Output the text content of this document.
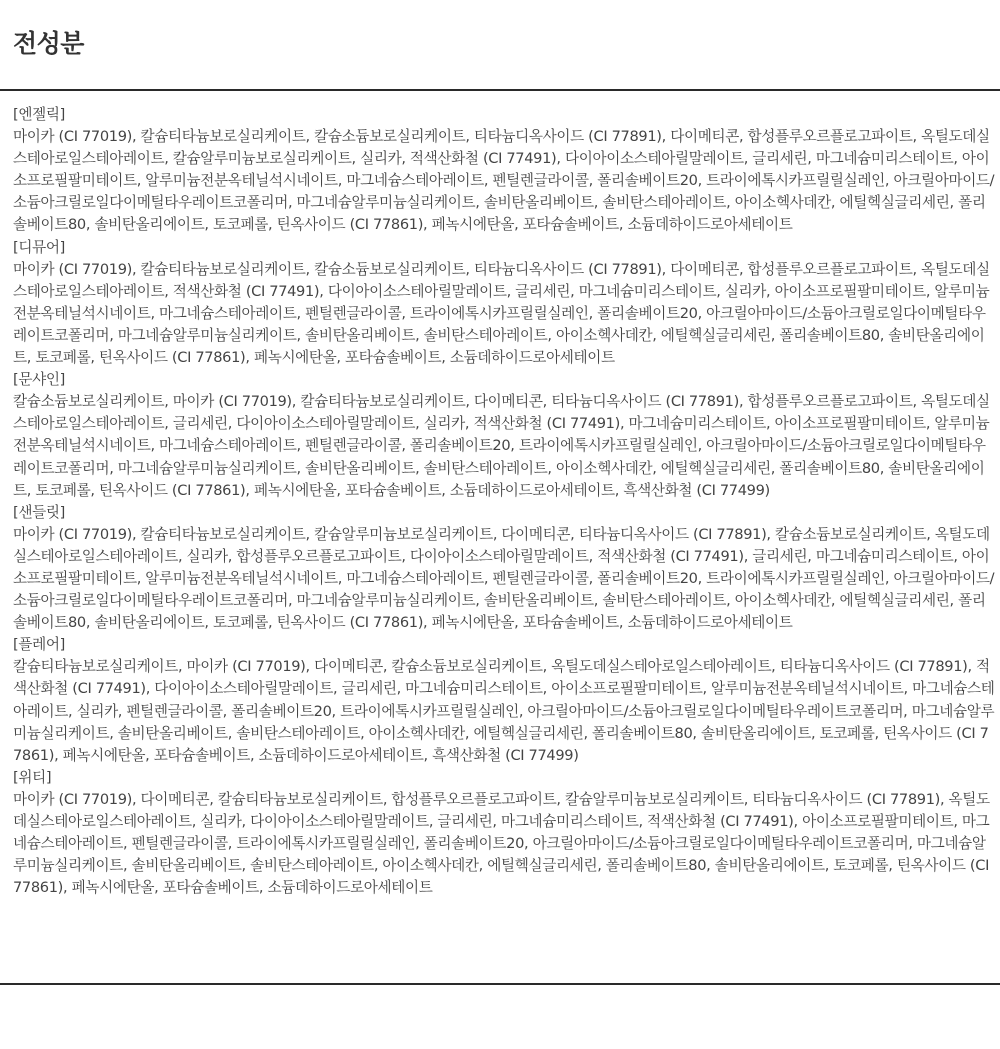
전성분

[엔젤릭]

마이카 (CI 77019), 칼슘티타늄보로실리케이트, 칼슘소듐보로실리케이트, 티타늄디옥사이드 (CI 77891), 다이메티콘, 합성플루오르플로고파이트, 옥틸도데실스테아로일스테아레이트, 칼슘알루미늄보로실리케이트, 실리카, 적색산화철 (CI 77491), 다이아이소스테아릴말레이트, 글리세린, 마그네슘미리스테이트, 아이소프로필팔미테이트, 알루미늄전분옥테닐석시네이트, 마그네슘스테아레이트, 펜틸렌글라이콜, 폴리솔베이트20, 트라이에톡시카프릴릴실레인, 아크릴아마이드/소듐아크릴로일다이메틸타우레이트코폴리머, 마그네슘알루미늄실리케이트, 솔비탄올리베이트, 솔비탄스테아레이트, 아이소헥사데칸, 에틸헥실글리세린, 폴리솔베이트80, 솔비탄올리에이트, 토코페롤, 틴옥사이드 (CI 77861), 페녹시에탄올, 포타슘솔베이트, 소듐데하이드로아세테이트

[디뮤어]

마이카 (CI 77019), 칼슘티타늄보로실리케이트, 칼슘소듐보로실리케이트, 티타늄디옥사이드 (CI 77891), 다이메티콘, 합성플루오르플로고파이트, 옥틸도데실스테아로일스테아레이트, 적색산화철 (CI 77491), 다이아이소스테아릴말레이트, 글리세린, 마그네슘미리스테이트, 실리카, 아이소프로필팔미테이트, 알루미늄전분옥테닐석시네이트, 마그네슘스테아레이트, 펜틸렌글라이콜, 트라이에톡시카프릴릴실레인, 폴리솔베이트20, 아크릴아마이드/소듐아크릴로일다이메틸타우레이트코폴리머, 마그네슘알루미늄실리케이트, 솔비탄올리베이트, 솔비탄스테아레이트, 아이소헥사데칸, 에틸헥실글리세린, 폴리솔베이트80, 솔비탄올리에이트, 토코페롤, 틴옥사이드 (CI 77861), 페녹시에탄올, 포타슘솔베이트, 소듐데하이드로아세테이트

[문샤인]

칼슘소듐보로실리케이트, 마이카 (CI 77019), 칼슘티타늄보로실리케이트, 다이메티콘, 티타늄디옥사이드 (CI 77891), 합성플루오르플로고파이트, 옥틸도데실스테아로일스테아레이트, 글리세린, 다이아이소스테아릴말레이트, 실리카, 적색산화철 (CI 77491), 마그네슘미리스테이트, 아이소프로필팔미테이트, 알루미늄전분옥테닐석시네이트, 마그네슘스테아레이트, 펜틸렌글라이콜, 폴리솔베이트20, 트라이에톡시카프릴릴실레인, 아크릴아마이드/소듐아크릴로일다이메틸타우레이트코폴리머, 마그네슘알루미늄실리케이트, 솔비탄올리베이트, 솔비탄스테아레이트, 아이소헥사데칸, 에틸헥실글리세린, 폴리솔베이트80, 솔비탄올리에이트, 토코페롤, 틴옥사이드 (CI 77861), 페녹시에탄올, 포타슘솔베이트, 소듐데하이드로아세테이트, 흑색산화철 (CI 77499)

[샌들릿]

마이카 (CI 77019), 칼슘티타늄보로실리케이트, 칼슘알루미늄보로실리케이트, 다이메티콘, 티타늄디옥사이드 (CI 77891), 칼슘소듐보로실리케이트, 옥틸도데실스테아로일스테아레이트, 실리카, 합성플루오르플로고파이트, 다이아이소스테아릴말레이트, 적색산화철 (CI 77491), 글리세린, 마그네슘미리스테이트, 아이소프로필팔미테이트, 알루미늄전분옥테닐석시네이트, 마그네슘스테아레이트, 펜틸렌글라이콜, 폴리솔베이트20, 트라이에톡시카프릴릴실레인, 아크릴아마이드/소듐아크릴로일다이메틸타우레이트코폴리머, 마그네슘알루미늄실리케이트, 솔비탄올리베이트, 솔비탄스테아레이트, 아이소헥사데칸, 에틸헥실글리세린, 폴리솔베이트80, 솔비탄올리에이트, 토코페롤, 틴옥사이드 (CI 77861), 페녹시에탄올, 포타슘솔베이트, 소듐데하이드로아세테이트

[플레어]

칼슘티타늄보로실리케이트, 마이카 (CI 77019), 다이메티콘, 칼슘소듐보로실리케이트, 옥틸도데실스테아로일스테아레이트, 티타늄디옥사이드 (CI 77891), 적색산화철 (CI 77491), 다이아이소스테아릴말레이트, 글리세린, 마그네슘미리스테이트, 아이소프로필팔미테이트, 알루미늄전분옥테닐석시네이트, 마그네슘스테아레이트, 실리카, 펜틸렌글라이콜, 폴리솔베이트20, 트라이에톡시카프릴릴실레인, 아크릴아마이드/소듐아크릴로일다이메틸타우레이트코폴리머, 마그네슘알루미늄실리케이트, 솔비탄올리베이트, 솔비탄스테아레이트, 아이소헥사데칸, 에틸헥실글리세린, 폴리솔베이트80, 솔비탄올리에이트, 토코페롤, 틴옥사이드 (CI 77861), 페녹시에탄올, 포타슘솔베이트, 소듐데하이드로아세테이트, 흑색산화철 (CI 77499)

[위티]

마이카 (CI 77019), 다이메티콘, 칼슘티타늄보로실리케이트, 합성플루오르플로고파이트, 칼슘알루미늄보로실리케이트, 티타늄디옥사이드 (CI 77891), 옥틸도데실스테아로일스테아레이트, 실리카, 다이아이소스테아릴말레이트, 글리세린, 마그네슘미리스테이트, 적색산화철 (CI 77491), 아이소프로필팔미테이트, 마그네슘스테아레이트, 펜틸렌글라이콜, 트라이에톡시카프릴릴실레인, 폴리솔베이트20, 아크릴아마이드/소듐아크릴로일다이메틸타우레이트코폴리머, 마그네슘알루미늄실리케이트, 솔비탄올리베이트, 솔비탄스테아레이트, 아이소헥사데칸, 에틸헥실글리세린, 폴리솔베이트80, 솔비탄올리에이트, 토코페롤, 틴옥사이드 (CI 77861), 페녹시에탄올, 포타슘솔베이트, 소듐데하이드로아세테이트
